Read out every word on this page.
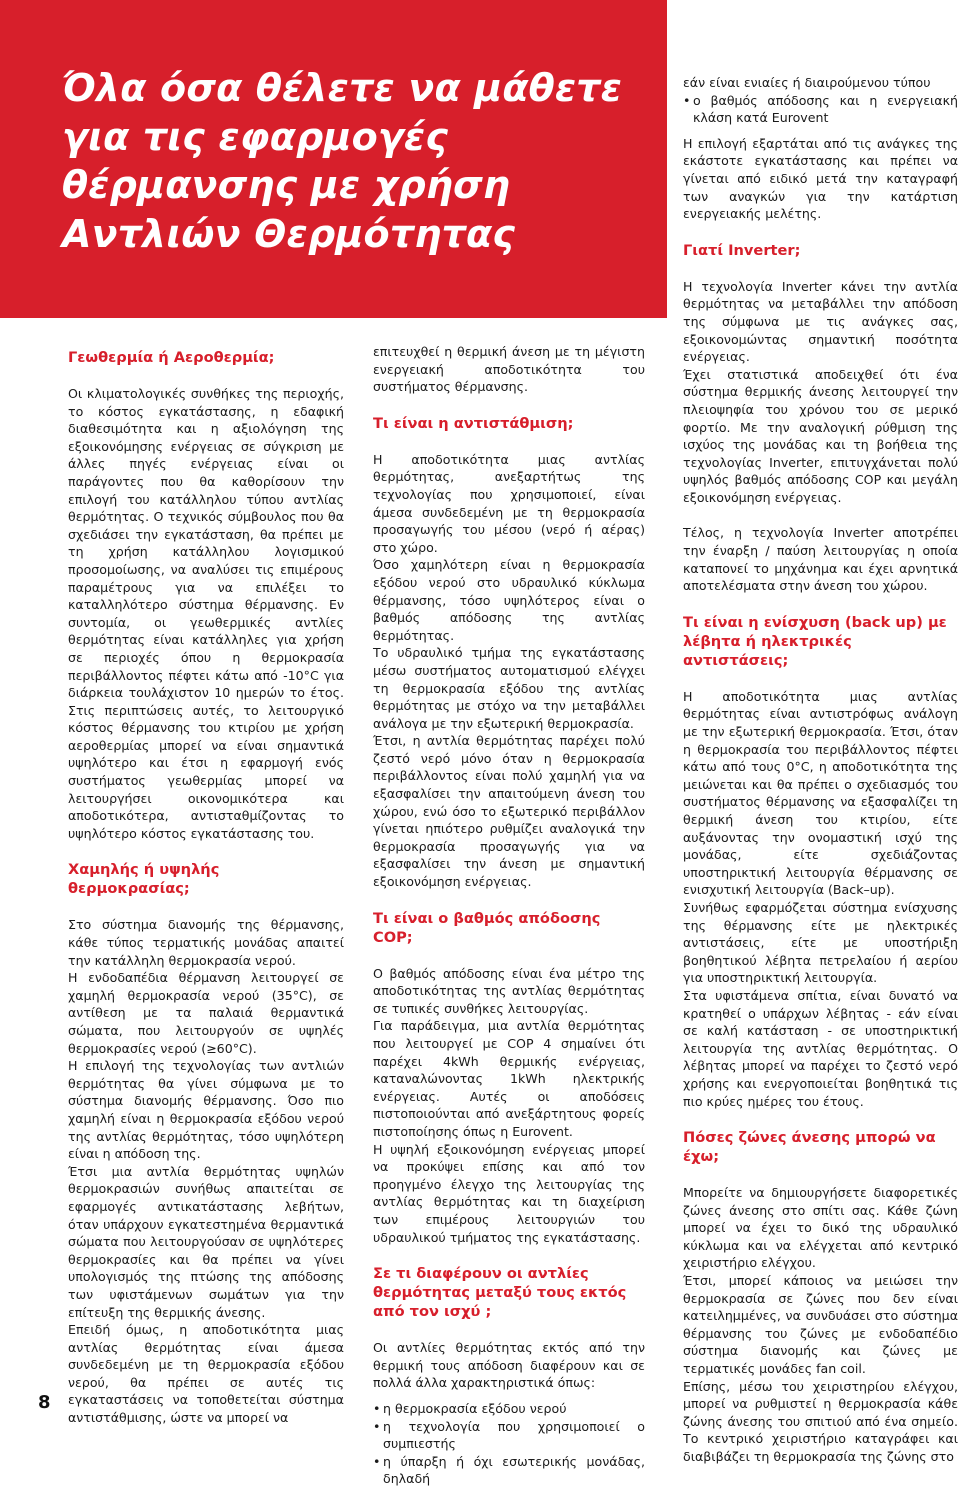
Όλα όσα θέλετε να μάθετε
για τις εφαρμογές
θέρμανσης με χρήση
Αντλιών Θερμότητας
Γεωθερμία ή Αεροθερμία;

Οι κλιματολογικές συνθήκες της περιοχής, το κόστος εγκατάστασης, η εδαφική διαθεσιμότητα και η αξιολόγηση της εξοικονόμησης ενέργειας σε σύγκριση με άλλες πηγές ενέργειας είναι οι παράγοντες που θα καθορίσουν την επιλογή του κατάλληλου τύπου αντλίας θερμότητας. Ο τεχνικός σύμβουλος που θα σχεδιάσει την εγκατάσταση, θα πρέπει με τη χρήση κατάλληλου λογισμικού προσομοίωσης, να αναλύσει τις επιμέρους παραμέτρους για να επιλέξει το καταλληλότερο σύστημα θέρμανσης. Εν συντομία, οι γεωθερμικές αντλίες θερμότητας είναι κατάλληλες για χρήση σε περιοχές όπου η θερμοκρασία περιβάλλοντος πέφτει κάτω από -10°C για διάρκεια τουλάχιστον 10 ημερών το έτος. Στις περιπτώσεις αυτές, το λειτουργικό κόστος θέρμανσης του κτιρίου με χρήση αεροθερμίας μπορεί να είναι σημαντικά υψηλότερο και έτσι η εφαρμογή ενός συστήματος γεωθερμίας μπορεί να λειτουργήσει οικονομικότερα και αποδοτικότερα, αντισταθμίζοντας το υψηλότερο κόστος εγκατάστασης του.

Χαμηλής ή υψηλής θερμοκρασίας;

Στο σύστημα διανομής της θέρμανσης, κάθε τύπος τερματικής μονάδας απαιτεί την κατάλληλη θερμοκρασία νερού.

Η ενδοδαπέδια θέρμανση λειτουργεί σε χαμηλή θερμοκρασία νερού (35°C), σε αντίθεση με τα παλαιά θερμαντικά σώματα, που λειτουργούν σε υψηλές θερμοκρασίες νερού (≥60°C).

Η επιλογή της τεχνολογίας των αντλιών θερμότητας θα γίνει σύμφωνα με το σύστημα διανομής θέρμανσης. Όσο πιο χαμηλή είναι η θερμοκρασία εξόδου νερού της αντλίας θερμότητας, τόσο υψηλότερη είναι η απόδοση της.

Έτσι μια αντλία θερμότητας υψηλών θερμοκρασιών συνήθως απαιτείται σε εφαρμογές αντικατάστασης λεβήτων, όταν υπάρχουν εγκατεστημένα θερμαντικά σώματα που λειτουργούσαν σε υψηλότερες θερμοκρασίες και θα πρέπει να γίνει υπολογισμός της πτώσης της απόδοσης των υφιστάμενων σωμάτων για την επίτευξη της θερμικής άνεσης.

Επειδή όμως, η αποδοτικότητα μιας αντλίας θερμότητας είναι άμεσα συνδεδεμένη με τη θερμοκρασία εξόδου νερού, θα πρέπει σε αυτές τις εγκαταστάσεις να τοποθετείται σύστημα αντιστάθμισης, ώστε να μπορεί να

επιτευχθεί η θερμική άνεση με τη μέγιστη ενεργειακή αποδοτικότητα του συστήματος θέρμανσης.

Τι είναι η αντιστάθμιση;

Η αποδοτικότητα μιας αντλίας θερμότητας, ανεξαρτήτως της τεχνολογίας που χρησιμοποιεί, είναι άμεσα συνδεδεμένη με τη θερμοκρασία προσαγωγής του μέσου (νερό ή αέρας) στο χώρο.

Όσο χαμηλότερη είναι η θερμοκρασία εξόδου νερού στο υδραυλικό κύκλωμα θέρμανσης, τόσο υψηλότερος είναι ο βαθμός απόδοσης της αντλίας θερμότητας.

Το υδραυλικό τμήμα της εγκατάστασης μέσω συστήματος αυτοματισμού ελέγχει τη θερμοκρασία εξόδου της αντλίας θερμότητας με στόχο να την μεταβάλλει ανάλογα με την εξωτερική θερμοκρασία.

Έτσι, η αντλία θερμότητας παρέχει πολύ ζεστό νερό μόνο όταν η θερμοκρασία περιβάλλοντος είναι πολύ χαμηλή για να εξασφαλίσει την απαιτούμενη άνεση του χώρου, ενώ όσο το εξωτερικό περιβάλλον γίνεται ηπιότερο ρυθμίζει αναλογικά την θερμοκρασία προσαγωγής για να εξασφαλίσει την άνεση με σημαντική εξοικονόμηση ενέργειας.

Τι είναι ο βαθμός απόδοσης COP;

Ο βαθμός απόδοσης είναι ένα μέτρο της αποδοτικότητας της αντλίας θερμότητας σε τυπικές συνθήκες λειτουργίας.

Για παράδειγμα, μια αντλία θερμότητας που λειτουργεί με COP 4 σημαίνει ότι παρέχει 4kWh θερμικής ενέργειας, καταναλώνοντας 1kWh ηλεκτρικής ενέργειας. Αυτές οι αποδόσεις πιστοποιούνται από ανεξάρτητους φορείς πιστοποίησης όπως η Eurovent.

Η υψηλή εξοικονόμηση ενέργειας μπορεί να προκύψει επίσης και από τον προηγμένο έλεγχο της λειτουργίας της αντλίας θερμότητας και τη διαχείριση των επιμέρους λειτουργιών του υδραυλικού τμήματος της εγκατάστασης.

Σε τι διαφέρουν οι αντλίες θερμότητας μεταξύ τους εκτός από τον ισχύ ;

Οι αντλίες θερμότητας εκτός από την θερμική τους απόδοση διαφέρουν και σε πολλά άλλα χαρακτηριστικά όπως:

• η θερμοκρασία εξόδου νερού
• η τεχνολογία που χρησιμοποιεί ο συμπιεστής
• η ύπαρξη ή όχι εσωτερικής μονάδας, δηλαδή

εάν είναι ενιαίες ή διαιρούμενου τύπου

• ο βαθμός απόδοσης και η ενεργειακή κλάση κατά Eurovent

Η επιλογή εξαρτάται από τις ανάγκες της εκάστοτε εγκατάστασης και πρέπει να γίνεται από ειδικό μετά την καταγραφή των αναγκών για την κατάρτιση ενεργειακής μελέτης.

Γιατί Inverter;

Η τεχνολογία Inverter κάνει την αντλία θερμότητας να μεταβάλλει την απόδοση της σύμφωνα με τις ανάγκες σας, εξοικονομώντας σημαντική ποσότητα ενέργειας.

Έχει στατιστικά αποδειχθεί ότι ένα σύστημα θερμικής άνεσης λειτουργεί την πλειοψηφία του χρόνου του σε μερικό φορτίο. Με την αναλογική ρύθμιση της ισχύος της μονάδας και τη βοήθεια της τεχνολογίας Inverter, επιτυγχάνεται πολύ υψηλός βαθμός απόδοσης COP και μεγάλη εξοικονόμηση ενέργειας.

Τέλος, η τεχνολογία Inverter αποτρέπει την έναρξη / παύση λειτουργίας η οποία καταπονεί το μηχάνημα και έχει αρνητικά αποτελέσματα στην άνεση του χώρου.

Τι είναι η ενίσχυση (back up) με λέβητα ή ηλεκτρικές αντιστάσεις;

Η αποδοτικότητα μιας αντλίας θερμότητας είναι αντιστρόφως ανάλογη με την εξωτερική θερμοκρασία. Έτσι, όταν η θερμοκρασία του περιβάλλοντος πέφτει κάτω από τους 0°C, η αποδοτικότητα της μειώνεται και θα πρέπει ο σχεδιασμός του συστήματος θέρμανσης να εξασφαλίζει τη θερμική άνεση του κτιρίου, είτε αυξάνοντας την ονομαστική ισχύ της μονάδας, είτε σχεδιάζοντας υποστηρικτική λειτουργία θέρμανσης σε ενισχυτική λειτουργία (Back–up).

Συνήθως εφαρμόζεται σύστημα ενίσχυσης της θέρμανσης είτε με ηλεκτρικές αντιστάσεις, είτε με υποστήριξη βοηθητικού λέβητα πετρελαίου ή αερίου για υποστηρικτική λειτουργία.

Στα υφιστάμενα σπίτια, είναι δυνατό να κρατηθεί ο υπάρχων λέβητας - εάν είναι σε καλή κατάσταση - σε υποστηρικτική λειτουργία της αντλίας θερμότητας. Ο λέβητας μπορεί να παρέχει το ζεστό νερό χρήσης και ενεργοποιείται βοηθητικά τις πιο κρύες ημέρες του έτους.

Πόσες ζώνες άνεσης μπορώ να έχω;

Μπορείτε να δημιουργήσετε διαφορετικές ζώνες άνεσης στο σπίτι σας. Κάθε ζώνη μπορεί να έχει το δικό της υδραυλικό κύκλωμα και να ελέγχεται από κεντρικό χειριστήριο ελέγχου.

Έτσι, μπορεί κάποιος να μειώσει την θερμοκρασία σε ζώνες που δεν είναι κατειλημμένες, να συνδυάσει στο σύστημα θέρμανσης του ζώνες με ενδοδαπέδιο σύστημα διανομής και ζώνες με τερματικές μονάδες fan coil.

Επίσης, μέσω του χειριστηρίου ελέγχου, μπορεί να ρυθμιστεί η θερμοκρασία κάθε ζώνης άνεσης του σπιτιού από ένα σημείο. Το κεντρικό χειριστήριο καταγράφει και διαβιβάζει τη θερμοκρασία της ζώνης στο

8
